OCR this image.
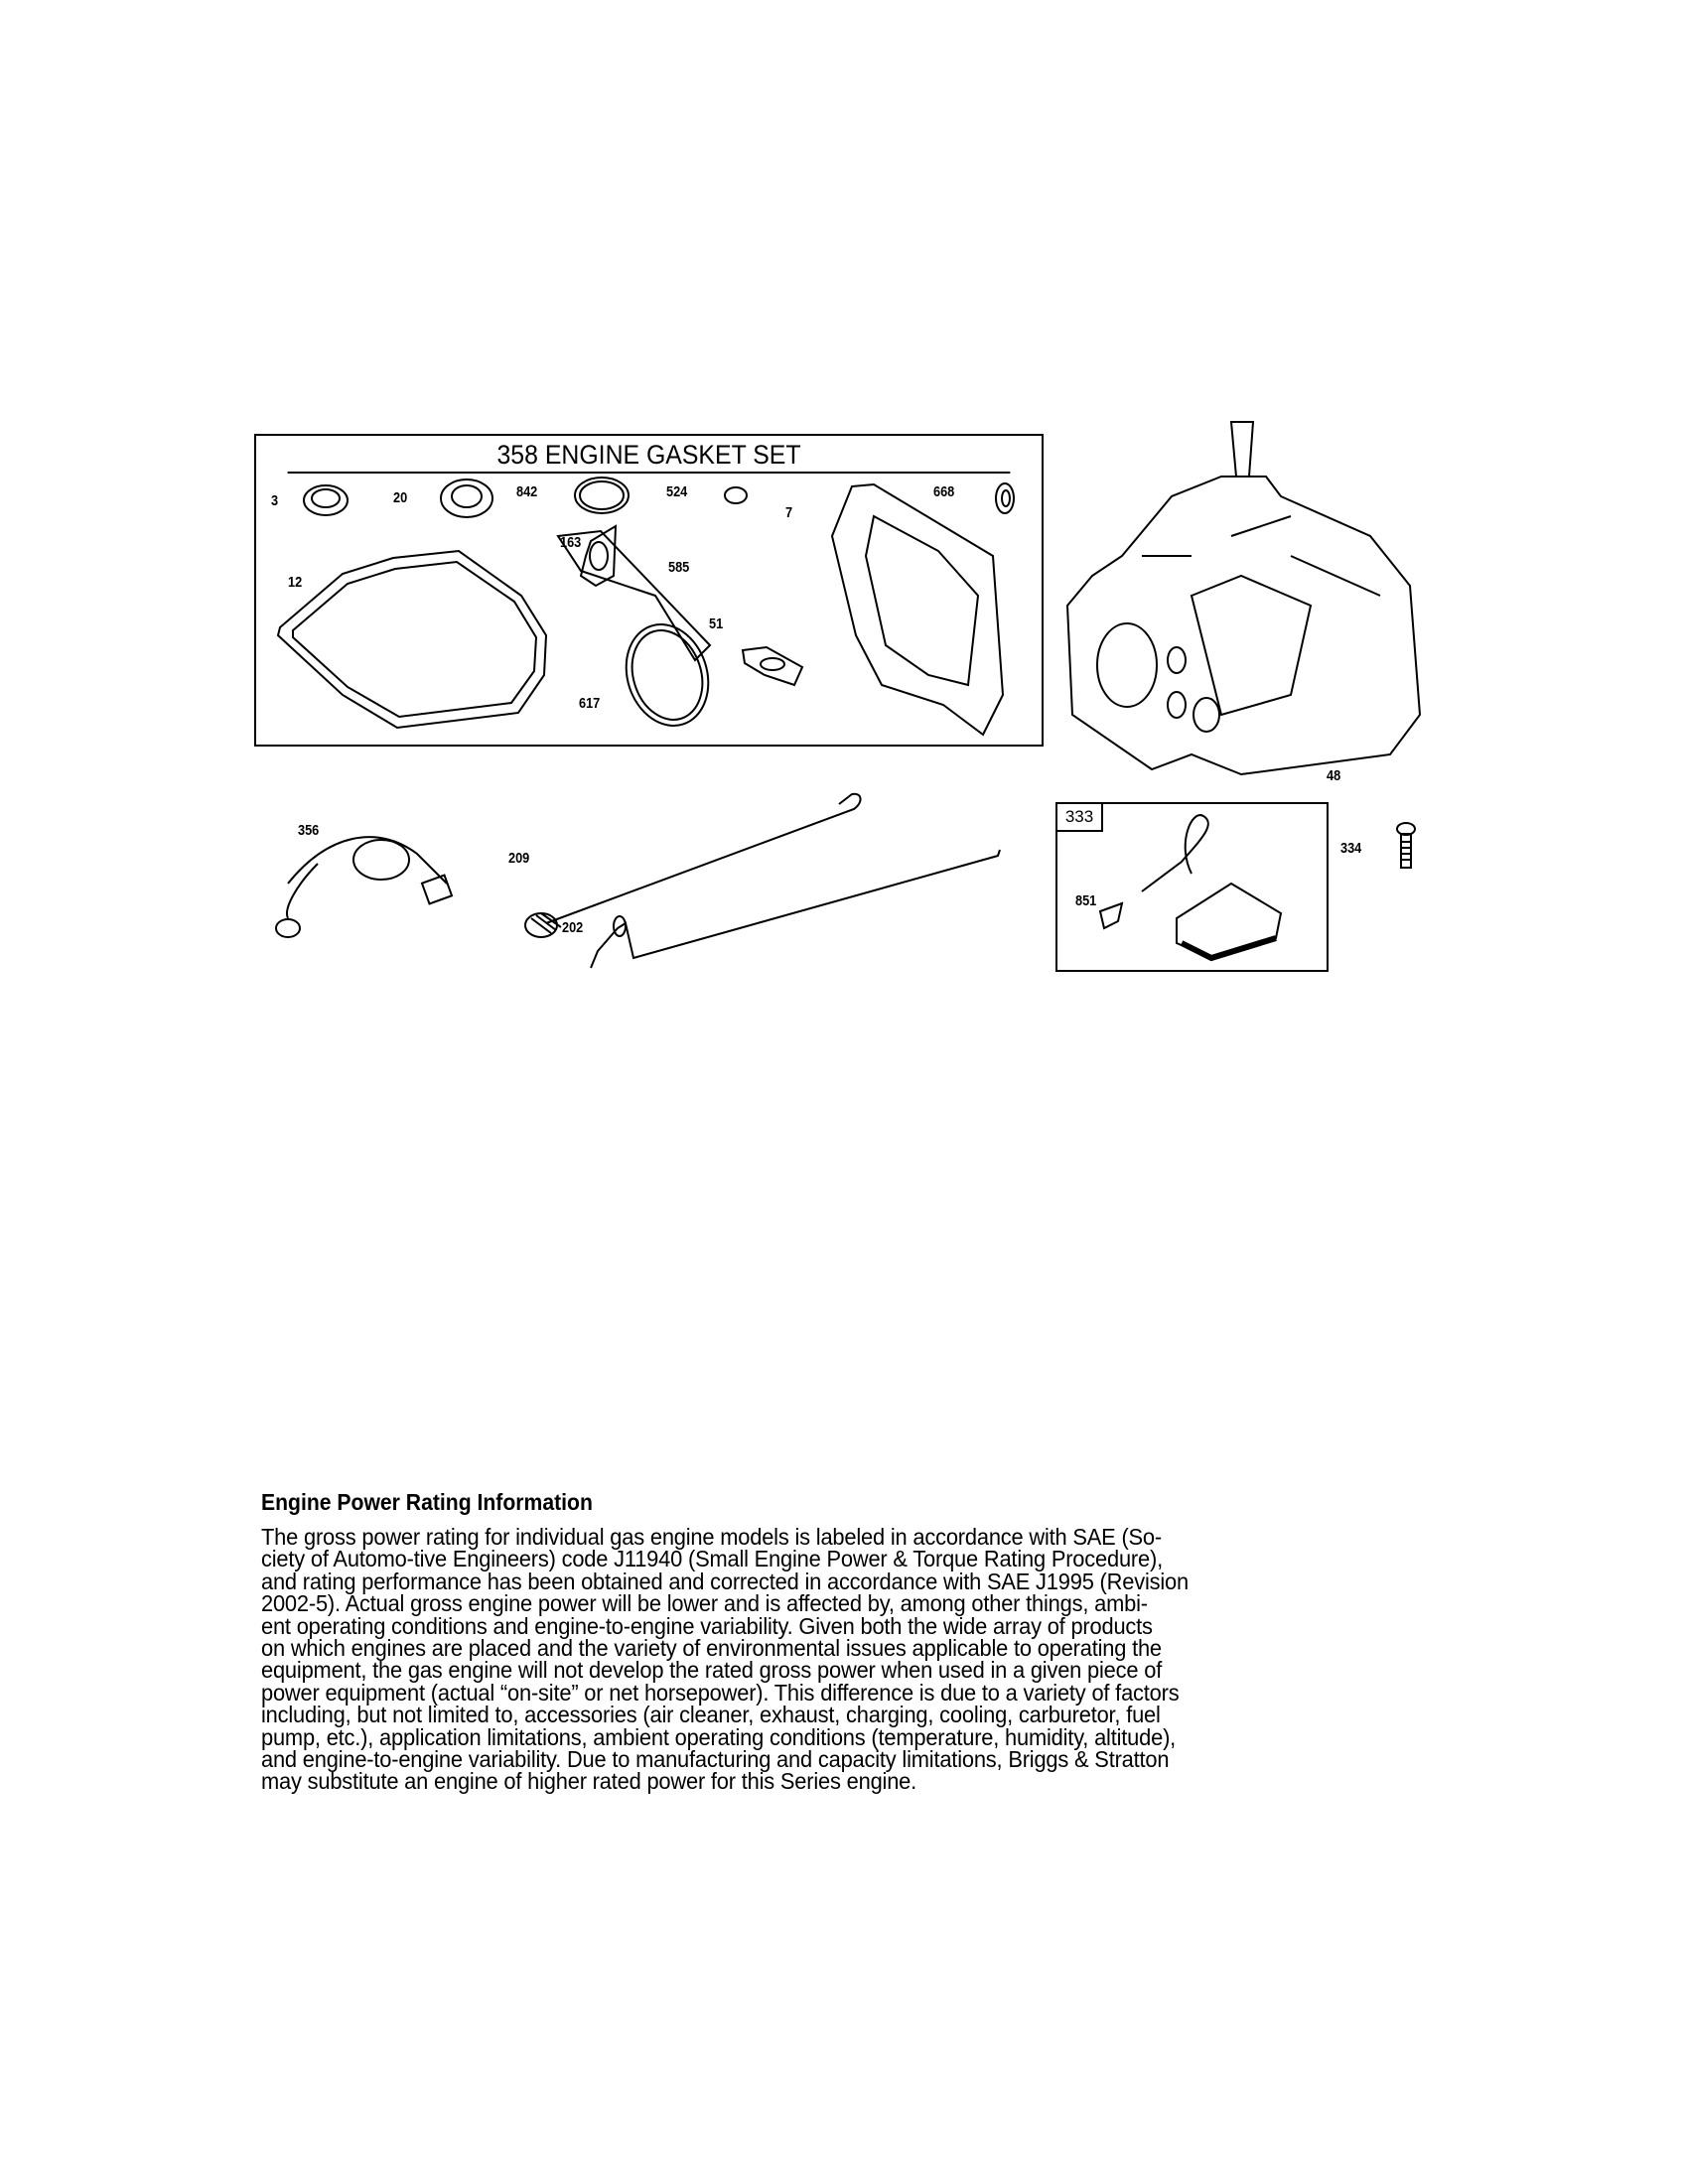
358 ENGINE GASKET SET
3	20	842	524
7
668
163
585
12
51
617
48
356
209
202
334
333
851
Engine Power Rating Information
The gross power rating for individual gas engine models is labeled in accordance with SAE (So-
ciety of Automo-tive Engineers) code J11940 (Small Engine Power & Torque Rating Procedure),
and rating performance has been obtained and corrected in accordance with SAE J1995 (Revision
2002-5). Actual gross engine power will be lower and is affected by, among other things, ambi-
ent operating conditions and engine-to-engine variability. Given both the wide array of products
on which engines are placed and the variety of environmental issues applicable to operating the
equipment, the gas engine will not develop the rated gross power when used in a given piece of
power equipment (actual “on-site” or net horsepower). This difference is due to a variety of factors
including, but not limited to, accessories (air cleaner, exhaust, charging, cooling, carburetor, fuel
pump, etc.), application limitations, ambient operating conditions (temperature, humidity, altitude),
and engine-to-engine variability. Due to manufacturing and capacity limitations, Briggs & Stratton
may substitute an engine of higher rated power for this Series engine.
